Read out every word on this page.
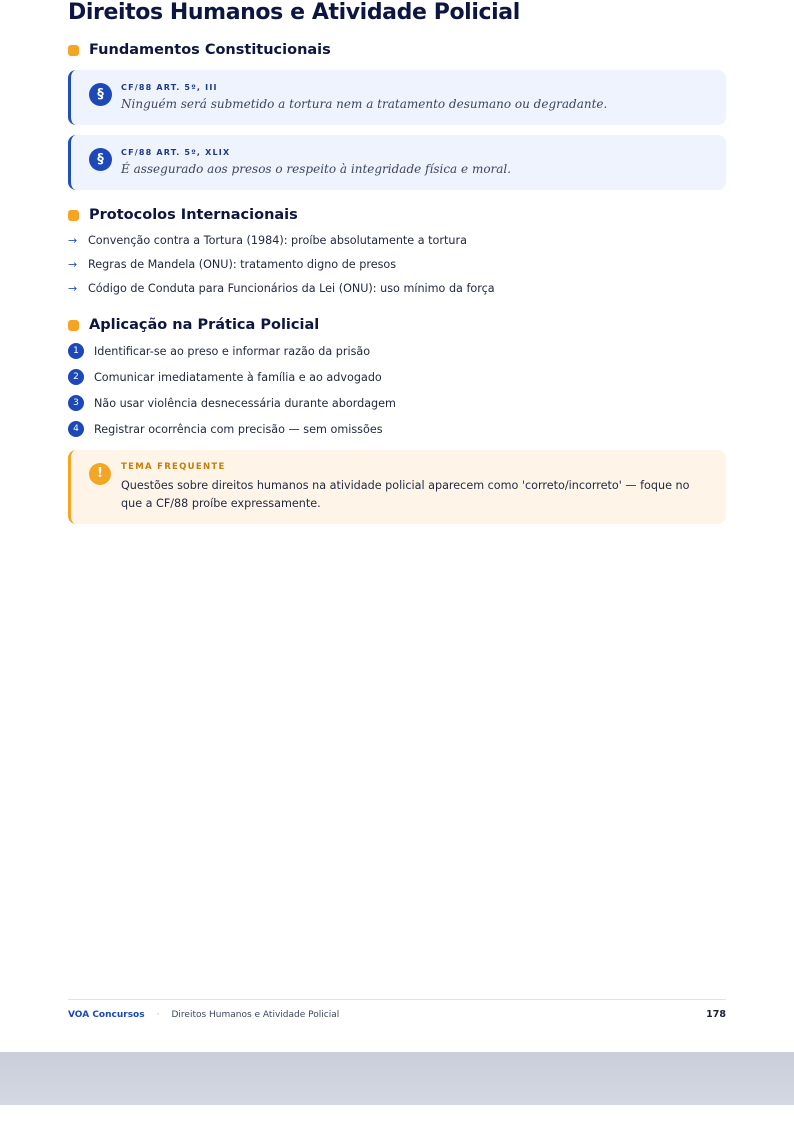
Direitos Humanos e Atividade Policial
Fundamentos Constitucionais
§	CF/88 ART. 5º, III
Ninguém será submetido a tortura nem a tratamento desumano ou degradante.
§	CF/88 ART. 5º, XLIX
É assegurado aos presos o respeito à integridade física e moral.
Protocolos Internacionais
→ Convenção contra a Tortura (1984): proíbe absolutamente a tortura
→ Regras de Mandela (ONU): tratamento digno de presos
→ Código de Conduta para Funcionários da Lei (ONU): uso mínimo da força
Aplicação na Prática Policial
1	Identificar-se ao preso e informar razão da prisão
2	Comunicar imediatamente à família e ao advogado
3	Não usar violência desnecessária durante abordagem
4	Registrar ocorrência com precisão — sem omissões
!	TEMA FREQUENTE
Questões sobre direitos humanos na atividade policial aparecem como 'correto/incorreto' — foque no que a CF/88 proíbe expressamente.
VOA Concursos · Direitos Humanos e Atividade Policial	178
